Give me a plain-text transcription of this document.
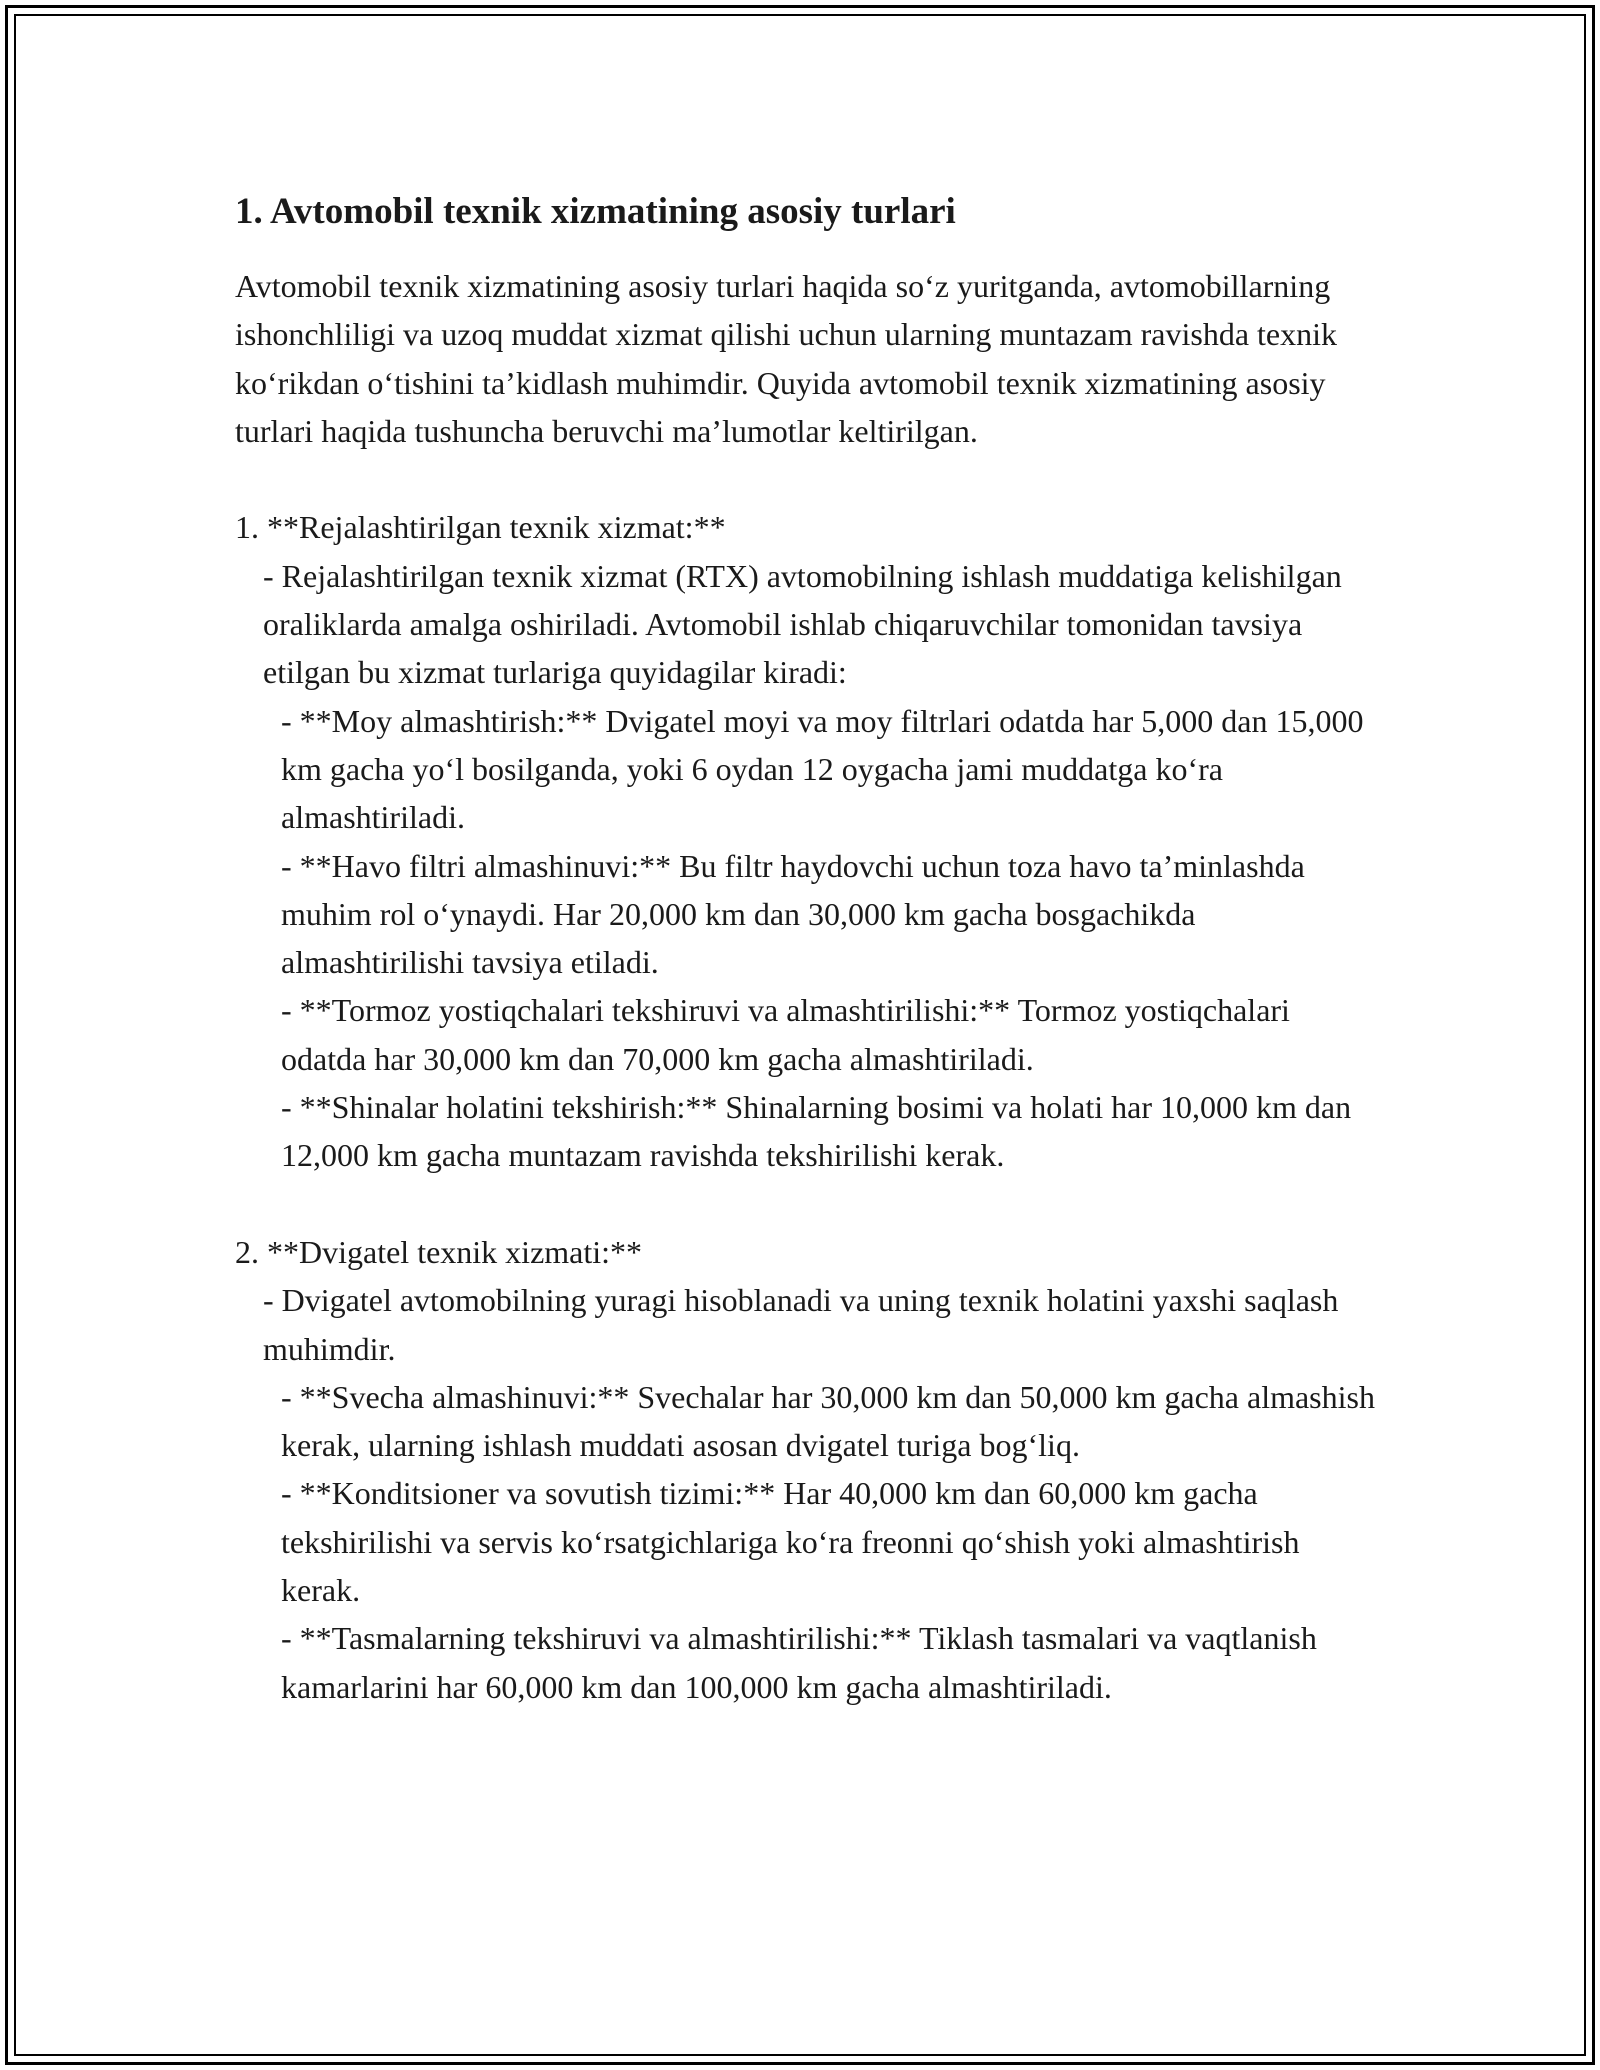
1. Avtomobil texnik xizmatining asosiy turlari

Avtomobil texnik xizmatining asosiy turlari haqida soʻz yuritganda, avtomobillarning ishonchliligi va uzoq muddat xizmat qilishi uchun ularning muntazam ravishda texnik koʻrikdan oʻtishini taʼkidlash muhimdir. Quyida avtomobil texnik xizmatining asosiy turlari haqida tushuncha beruvchi maʼlumotlar keltirilgan.

1. **Rejalashtirilgan texnik xizmat:**

- Rejalashtirilgan texnik xizmat (RTX) avtomobilning ishlash muddatiga kelishilgan oraliklarda amalga oshiriladi. Avtomobil ishlab chiqaruvchilar tomonidan tavsiya etilgan bu xizmat turlariga quyidagilar kiradi:

- **Moy almashtirish:** Dvigatel moyi va moy filtrlari odatda har 5,000 dan 15,000 km gacha yoʻl bosilganda, yoki 6 oydan 12 oygacha jami muddatga koʻra almashtiriladi.

- **Havo filtri almashinuvi:** Bu filtr haydovchi uchun toza havo taʼminlashda muhim rol oʻynaydi. Har 20,000 km dan 30,000 km gacha bosgachikda almashtirilishi tavsiya etiladi.

- **Tormoz yostiqchalari tekshiruvi va almashtirilishi:** Tormoz yostiqchalari odatda har 30,000 km dan 70,000 km gacha almashtiriladi.

- **Shinalar holatini tekshirish:** Shinalarning bosimi va holati har 10,000 km dan 12,000 km gacha muntazam ravishda tekshirilishi kerak.

2. **Dvigatel texnik xizmati:**

- Dvigatel avtomobilning yuragi hisoblanadi va uning texnik holatini yaxshi saqlash muhimdir.

- **Svecha almashinuvi:** Svechalar har 30,000 km dan 50,000 km gacha almashish kerak, ularning ishlash muddati asosan dvigatel turiga bogʻliq.

- **Konditsioner va sovutish tizimi:** Har 40,000 km dan 60,000 km gacha tekshirilishi va servis koʻrsatgichlariga koʻra freonni qoʻshish yoki almashtirish kerak.

- **Tasmalarning tekshiruvi va almashtirilishi:** Tiklash tasmalari va vaqtlanish kamarlarini har 60,000 km dan 100,000 km gacha almashtiriladi.
